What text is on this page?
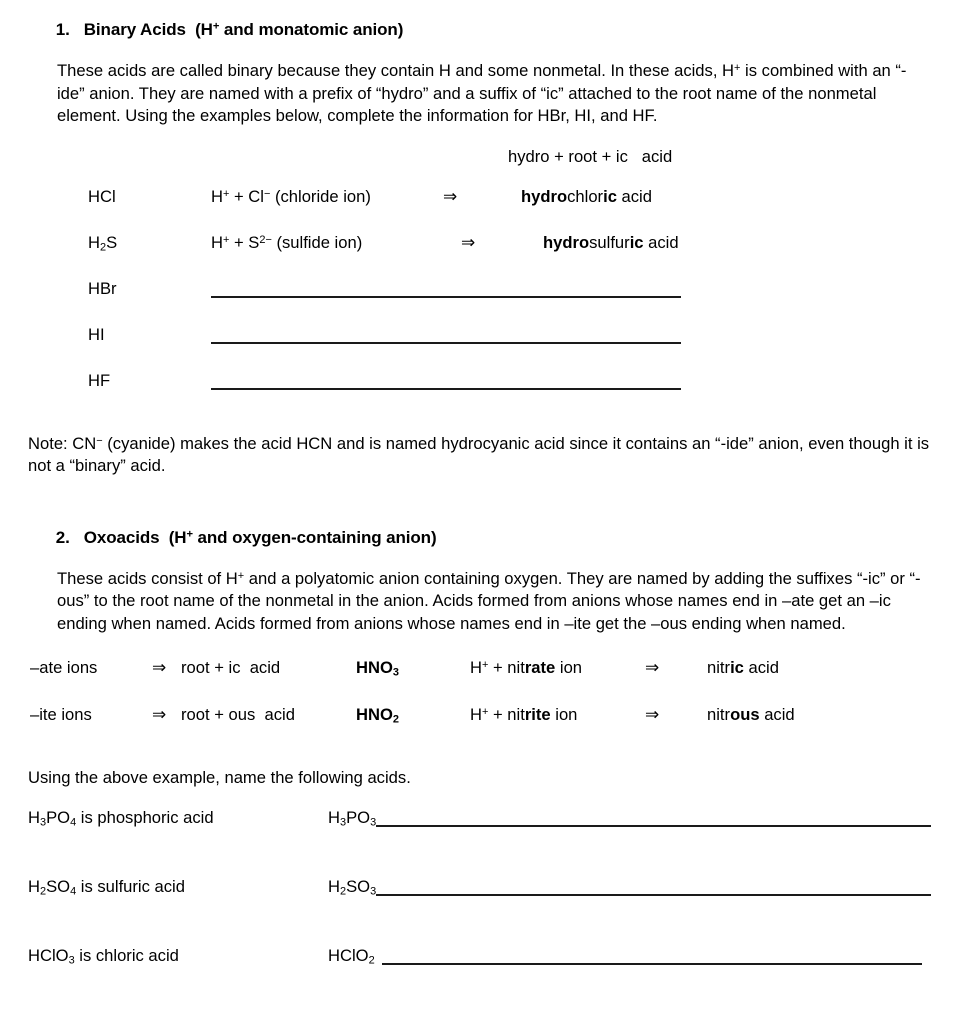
1. Binary Acids  (H+ and monatomic anion)

These acids are called binary because they contain H and some nonmetal. In these acids, H+ is combined with an “-ide” anion. They are named with a prefix of “hydro” and a suffix of “ic” attached to the root name of the nonmetal element. Using the examples below, complete the information for HBr, HI, and HF.
hydro + root + ic   acid
HCl	H+ + Cl− (chloride ion)	⇒	hydrochloric acid
$H_2S$	$H^+ + S^{2-}$ (sulfide ion)	⇒	hydrosulfuric acid
HBr			
HI			
HF			
Note: CN− (cyanide) makes the acid HCN and is named hydrocyanic acid since it contains an “-ide” anion, even though it is not a “binary” acid.

2. Oxoacids  (H+ and oxygen-containing anion)

These acids consist of H+ and a polyatomic anion containing oxygen. They are named by adding the suffixes “-ic” or “-ous” to the root name of the nonmetal in the anion. Acids formed from anions whose names end in –ate get an –ic ending when named. Acids formed from anions whose names end in –ite get the –ous ending when named.
–ate ions	⇒	root + ic  acid	$HNO_3$	H+ + nitrate ion	⇒	nitric acid
–ite ions	⇒	root + ous  acid	$HNO_2$	H+ + nitrite ion	⇒	nitrous acid
Using the above example, name the following acids.
$H_3PO_4$ is phosphoric acid	$H_3PO_3$
$H_2SO_4$ is sulfuric acid	$H_2SO_3$
HClO$_3$ is chloric acid	HClO$_2$
